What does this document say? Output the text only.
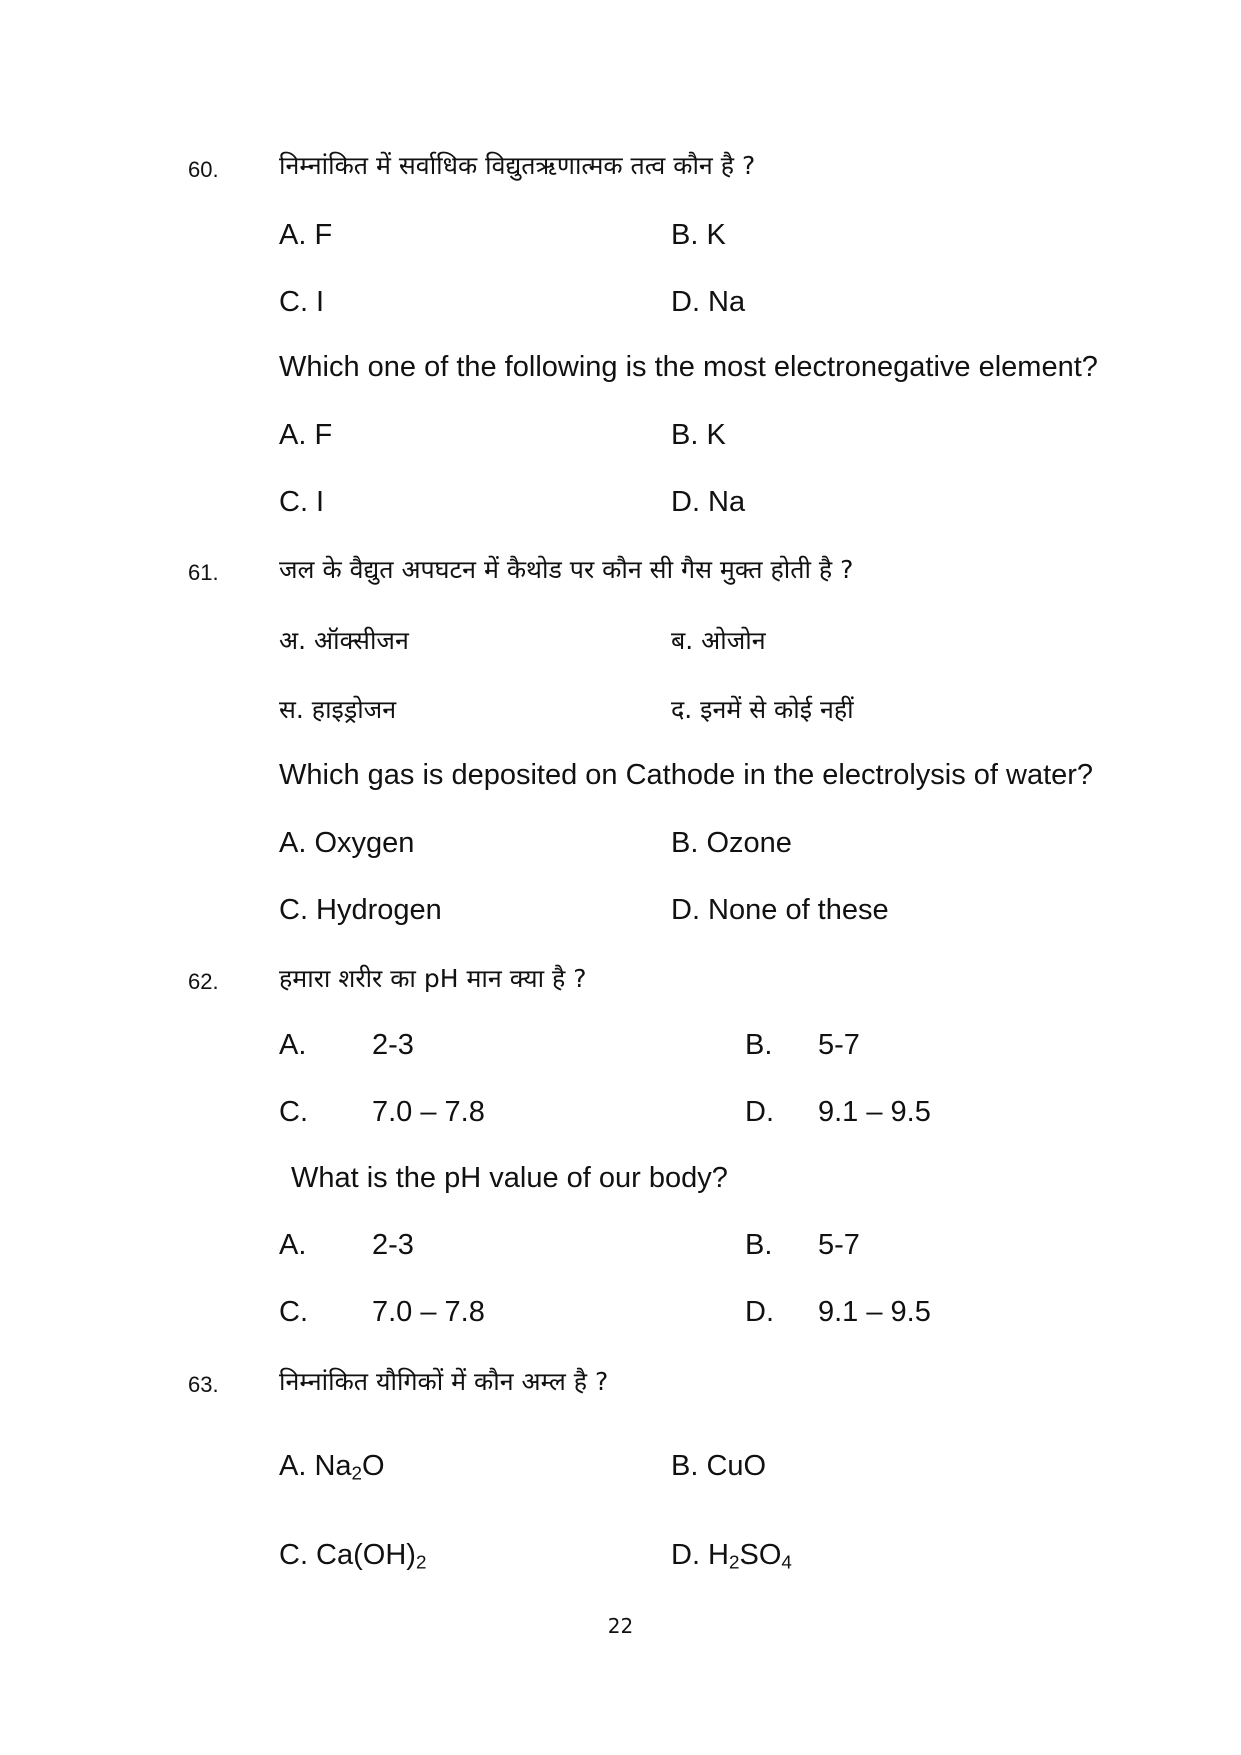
60. निम्नांकित में सर्वाधिक विद्युतऋणात्मक तत्व कौन है ?
A. F	B. K
C. I	D. Na
Which one of the following is the most electronegative element?
A. F	B. K
C. I	D. Na
61. जल के वैद्युत अपघटन में कैथोड पर कौन सी गैस मुक्त होती है ?
अ. ऑक्सीजन	ब. ओजोन
स. हाइड्रोजन	द. इनमें से कोई नहीं
Which gas is deposited on Cathode in the electrolysis of water?
A. Oxygen	B. Ozone
C. Hydrogen	D. None of these
62. हमारा शरीर का pH मान क्या है ?
A. 2-3	B. 5-7
C. 7.0 – 7.8	D. 9.1 – 9.5
What is the pH value of our body?
A. 2-3	B. 5-7
C. 7.0 – 7.8	D. 9.1 – 9.5
63. निम्नांकित यौगिकों में कौन अम्ल है ?
A. $Na_2O$	B. CuO
C. $Ca(OH)_2$	D. $H_2SO_4$
22
